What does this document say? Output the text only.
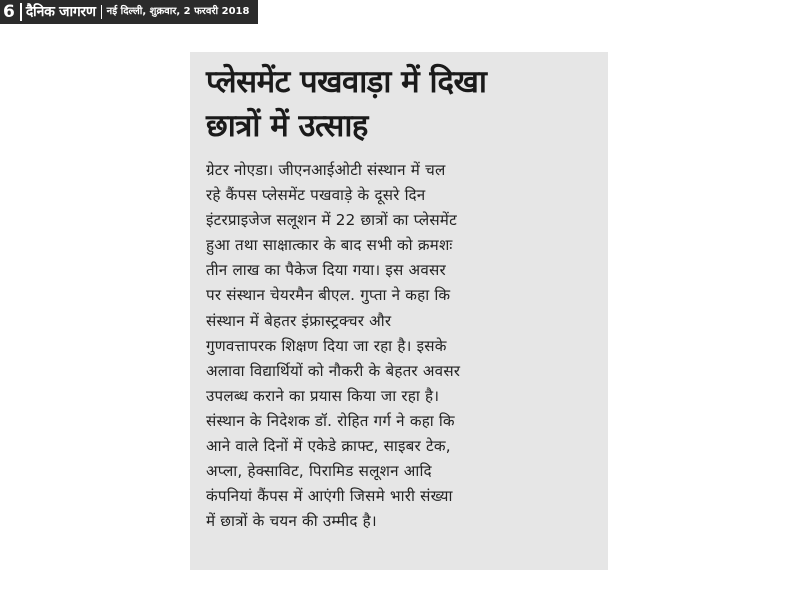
6 दैनिक जागरण नई दिल्ली, शुक्रवार, 2 फरवरी 2018
प्लेसमेंट पखवाड़ा में दिखा
छात्रों में उत्साह
ग्रेटर नोएडा। जीएनआईओटी संस्थान में चल
रहे कैंपस प्लेसमेंट पखवाड़े के दूसरे दिन
इंटरप्राइजेज सलूशन में 22 छात्रों का प्लेसमेंट
हुआ तथा साक्षात्कार के बाद सभी को क्रमशः
तीन लाख का पैकेज दिया गया। इस अवसर
पर संस्थान चेयरमैन बीएल. गुप्ता ने कहा कि
संस्थान में बेहतर इंफ्रास्ट्रक्चर और
गुणवत्तापरक शिक्षण दिया जा रहा है। इसके
अलावा विद्यार्थियों को नौकरी के बेहतर अवसर
उपलब्ध कराने का प्रयास किया जा रहा है।
संस्थान के निदेशक डॉ. रोहित गर्ग ने कहा कि
आने वाले दिनों में एकेडे क्राफ्ट, साइबर टेक,
अप्ला, हेक्साविट, पिरामिड सलूशन आदि
कंपनियां कैंपस में आएंगी जिसमे भारी संख्या
में छात्रों के चयन की उम्मीद है।
